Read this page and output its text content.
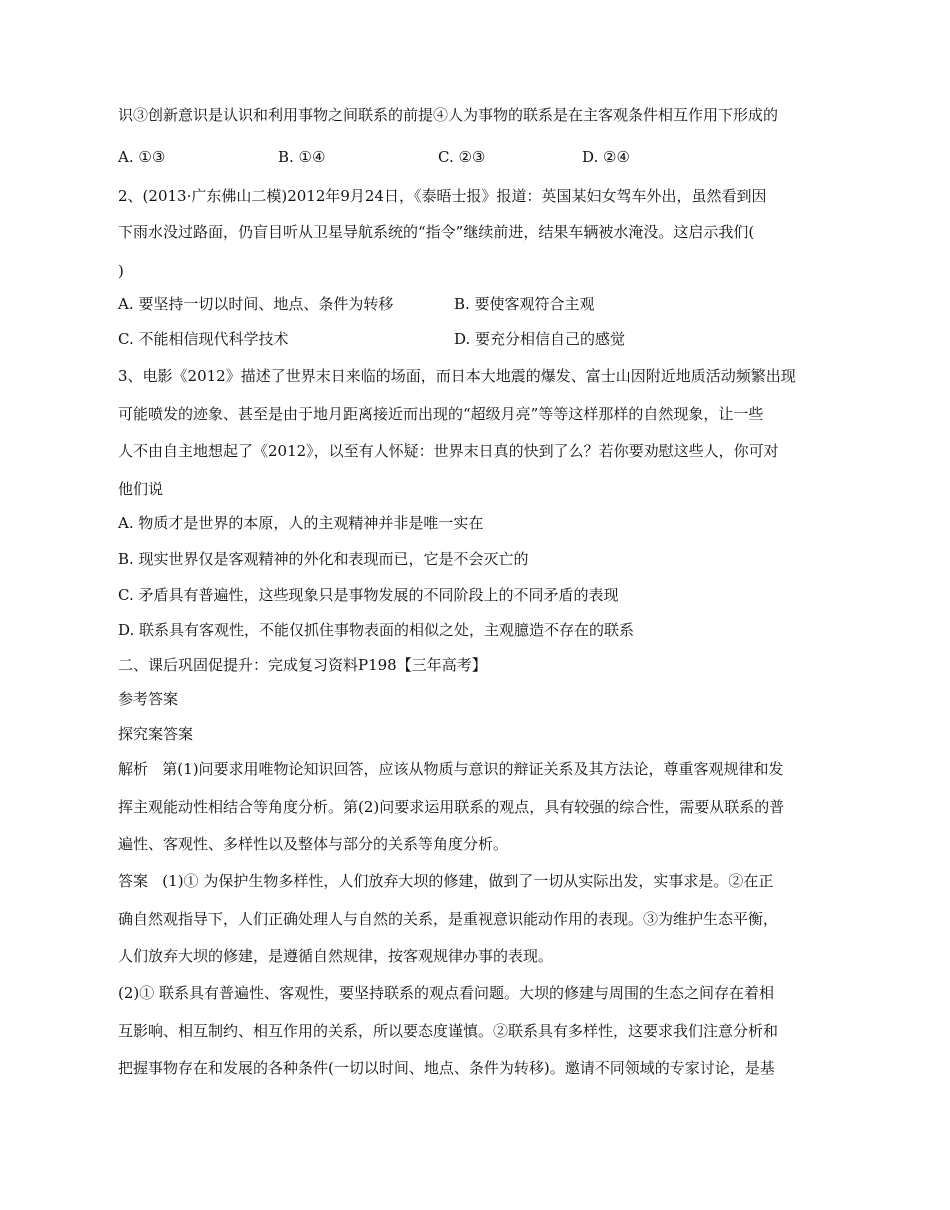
识③创新意识是认识和利用事物之间联系的前提④人为事物的联系是在主客观条件相互作用下形成的
A. ①③	B. ①④	C. ②③	D. ②④
2、(2013·广东佛山二模)2012年9月24日，《泰晤士报》报道：英国某妇女驾车外出，虽然看到因
下雨水没过路面，仍盲目听从卫星导航系统的“指令”继续前进，结果车辆被水淹没。这启示我们(
)
A. 要坚持一切以时间、地点、条件为转移	B. 要使客观符合主观
C. 不能相信现代科学技术	D. 要充分相信自己的感觉
3、电影《2012》描述了世界末日来临的场面，而日本大地震的爆发、富士山因附近地质活动频繁出现
可能喷发的迹象、甚至是由于地月距离接近而出现的“超级月亮”等等这样那样的自然现象，让一些
人不由自主地想起了《2012》，以至有人怀疑：世界末日真的快到了么？若你要劝慰这些人，你可对
他们说
A. 物质才是世界的本原，人的主观精神并非是唯一实在
B. 现实世界仅是客观精神的外化和表现而已，它是不会灭亡的
C. 矛盾具有普遍性，这些现象只是事物发展的不同阶段上的不同矛盾的表现
D. 联系具有客观性，不能仅抓住事物表面的相似之处，主观臆造不存在的联系
二、课后巩固促提升：完成复习资料P198【三年高考】
参考答案
探究案答案
解析   第(1)问要求用唯物论知识回答，应该从物质与意识的辩证关系及其方法论，尊重客观规律和发
挥主观能动性相结合等角度分析。第(2)问要求运用联系的观点，具有较强的综合性，需要从联系的普
遍性、客观性、多样性以及整体与部分的关系等角度分析。
答案   (1)① 为保护生物多样性，人们放弃大坝的修建，做到了一切从实际出发，实事求是。②在正
确自然观指导下，人们正确处理人与自然的关系，是重视意识能动作用的表现。③为维护生态平衡，
人们放弃大坝的修建，是遵循自然规律，按客观规律办事的表现。
(2)① 联系具有普遍性、客观性，要坚持联系的观点看问题。大坝的修建与周围的生态之间存在着相
互影响、相互制约、相互作用的关系，所以要态度谨慎。②联系具有多样性，这要求我们注意分析和
把握事物存在和发展的各种条件(一切以时间、地点、条件为转移)。邀请不同领域的专家讨论，是基
